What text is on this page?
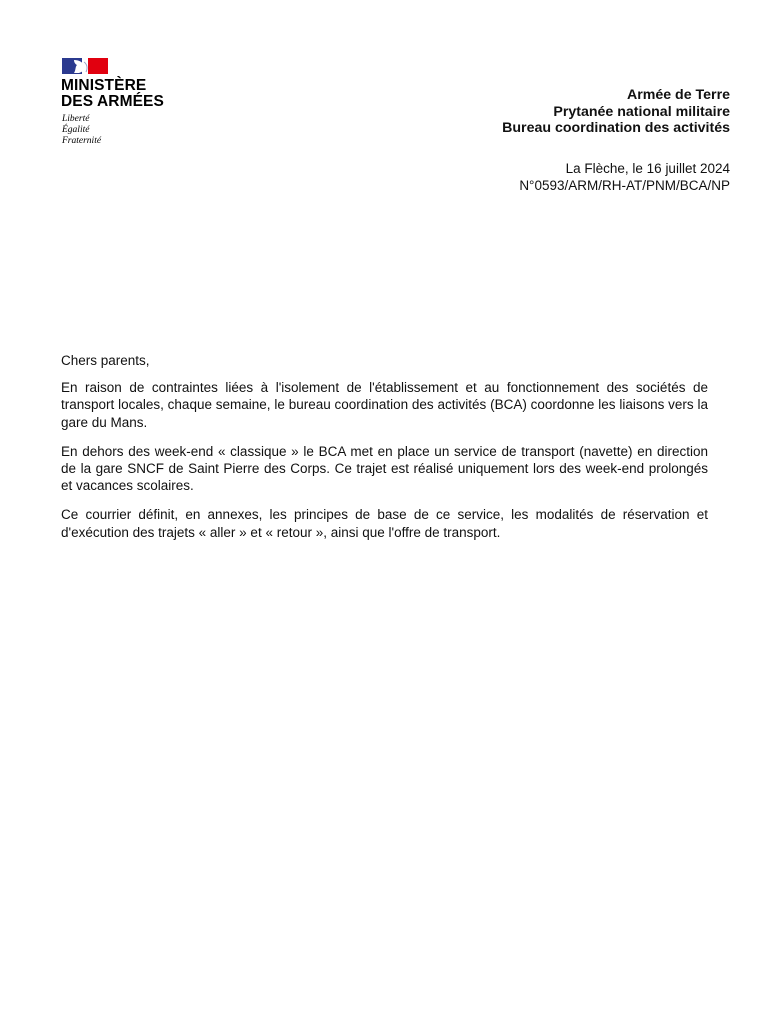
MINISTÈRE
DES ARMÉES
Liberté
Égalité
Fraternité
Armée de Terre
Prytanée national militaire
Bureau coordination des activités
La Flèche, le 16 juillet 2024
N°0593/ARM/RH-AT/PNM/BCA/NP

Chers parents,

En raison de contraintes liées à l'isolement de l'établissement et au fonctionnement des sociétés de transport locales, chaque semaine, le bureau coordination des activités (BCA) coordonne les liaisons vers la gare du Mans.

En dehors des week-end « classique » le BCA met en place un service de transport (navette) en direction de la gare SNCF de Saint Pierre des Corps. Ce trajet est réalisé uniquement lors des week-end prolongés et vacances scolaires.

Ce courrier définit, en annexes, les principes de base de ce service, les modalités de réservation et d'exécution des trajets « aller » et « retour », ainsi que l'offre de transport.
